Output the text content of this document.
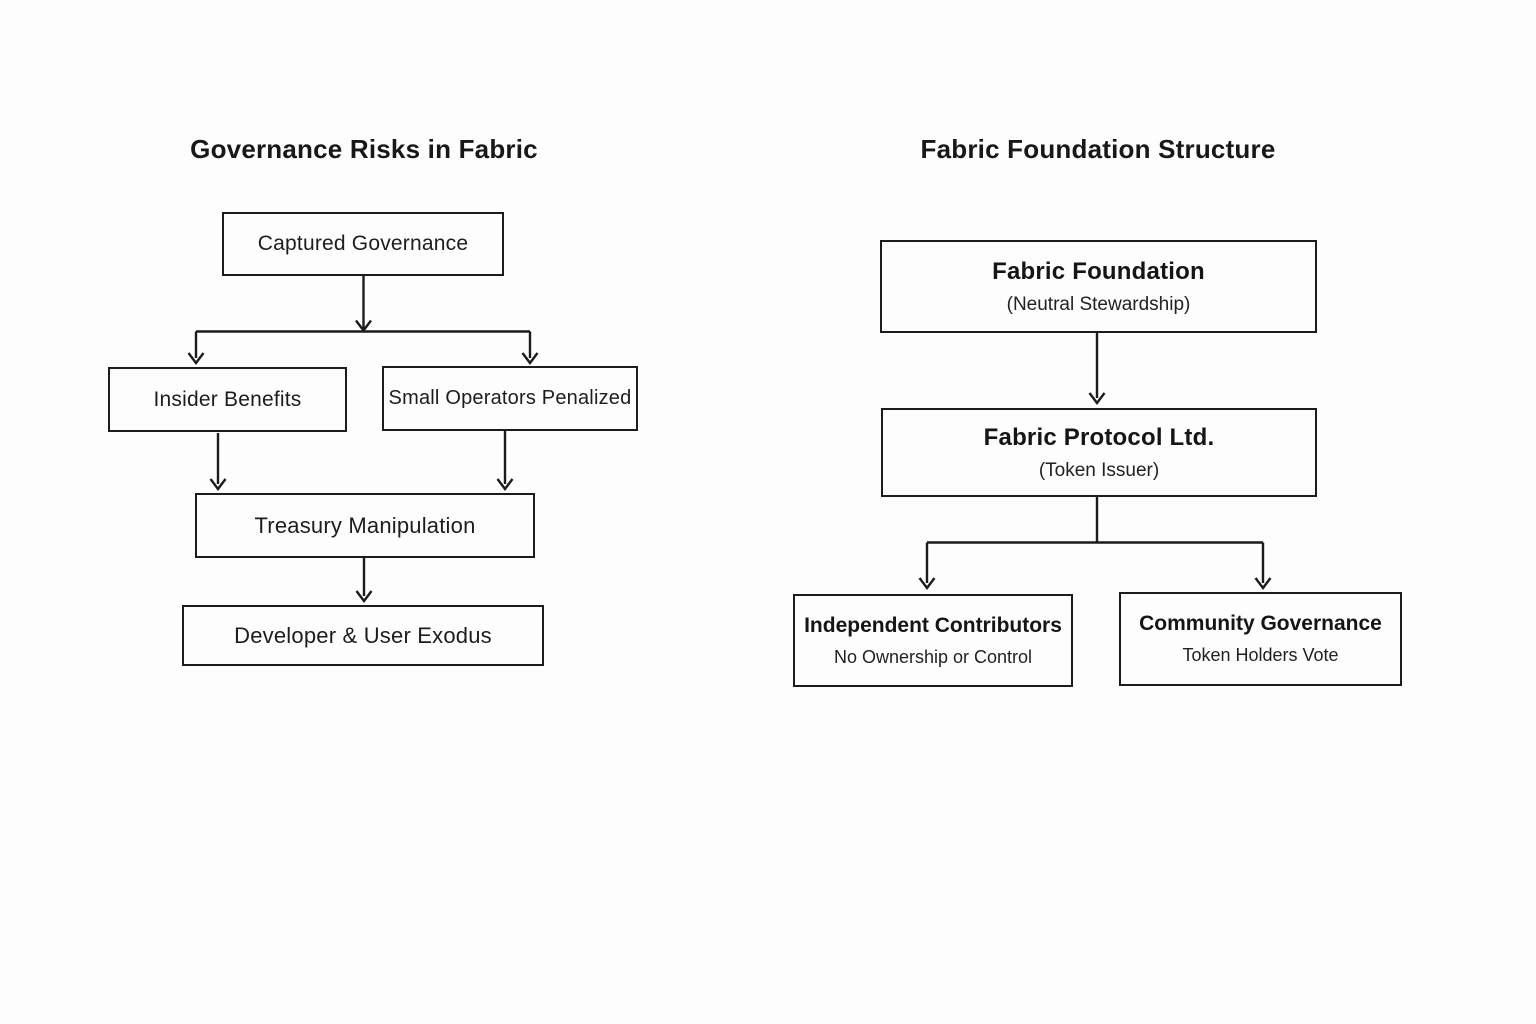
Governance Risks in Fabric
Captured Governance
Insider Benefits	Small Operators Penalized
Treasury Manipulation
Developer & User Exodus
Fabric Foundation Structure
Fabric Foundation
(Neutral Stewardship)
Fabric Protocol Ltd.
(Token Issuer)
Independent Contributors
No Ownership or Control
Community Governance
Token Holders Vote
